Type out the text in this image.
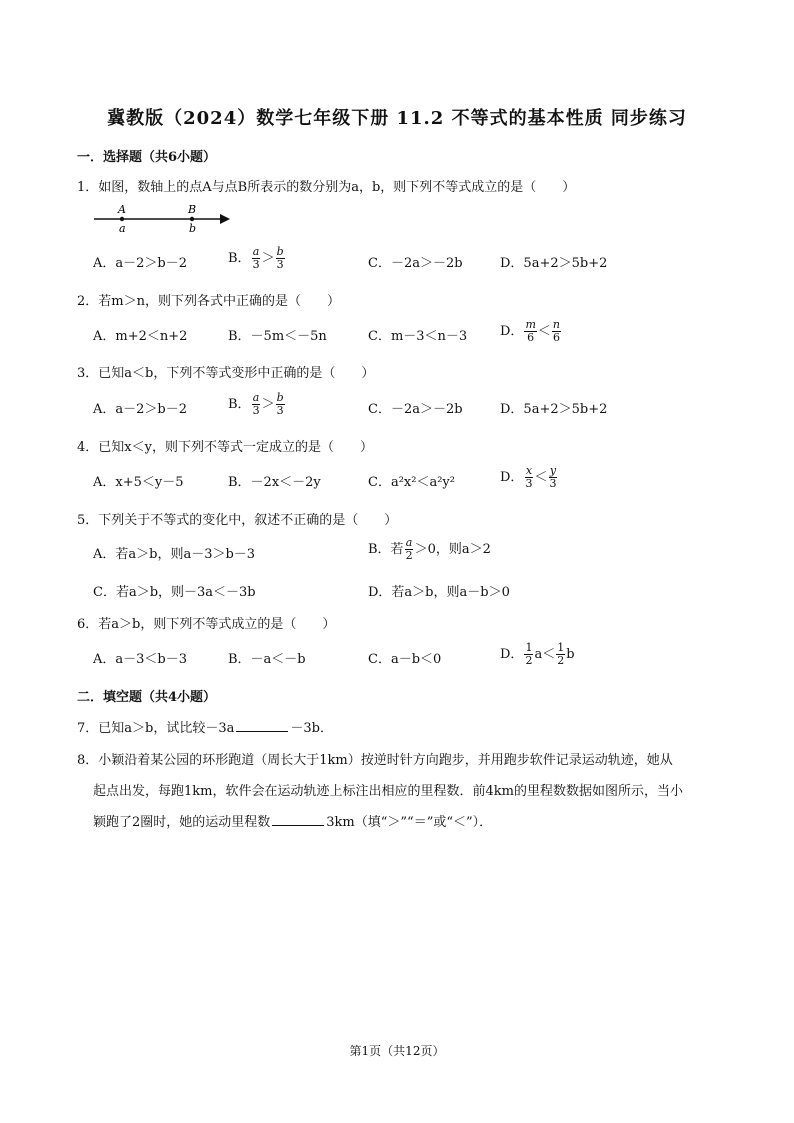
冀教版（2024）数学七年级下册 11.2 不等式的基本性质 同步练习
一．选择题（共6小题）
1．如图，数轴上的点A与点B所表示的数分别为a，b，则下列不等式成立的是（　　）
A
a
B
b
A．a－2＞b－2	B． $\frac{a}{3} > \frac{b}{3}$	C．－2a＞－2b	D．5a+2＞5b+2
2．若m＞n，则下列各式中正确的是（　　）
A．m+2＜n+2	B．－5m＜－5n	C．m－3＜n－3	D． $\frac{m}{6} < \frac{n}{6}$
3．已知a＜b，下列不等式变形中正确的是（　　）
A．a－2＞b－2	B． $\frac{a}{3} > \frac{b}{3}$	C．－2a＞－2b	D．5a+2＞5b+2
4．已知x＜y，则下列不等式一定成立的是（　　）
A．x+5＜y－5	B．－2x＜－2y	C．a²x²＜a²y²	D． $\frac{x}{3} < \frac{y}{3}$
5．下列关于不等式的变化中，叙述不正确的是（　　）
A．若a＞b，则a－3＞b－3	B．若 $\frac{a}{2} >0$，则a＞2
C．若a＞b，则－3a＜－3b	D．若a＞b，则a－b＞0
6．若a＞b，则下列不等式成立的是（　　）
A．a－3＜b－3	B．－a＜－b	C．a－b＜0	D． $\frac{1}{2} a< \frac{1}{2}$ b
二．填空题（共4小题）
7．已知a＞b，试比较－3a	－3b．
8．小颖沿着某公园的环形跑道（周长大于1km）按逆时针方向跑步，并用跑步软件记录运动轨迹，她从
起点出发，每跑1km，软件会在运动轨迹上标注出相应的里程数．前4km的里程数数据如图所示，当小
颖跑了2圈时，她的运动里程数	3km（填“＞”“＝”或“＜”）．
第1页（共12页）
